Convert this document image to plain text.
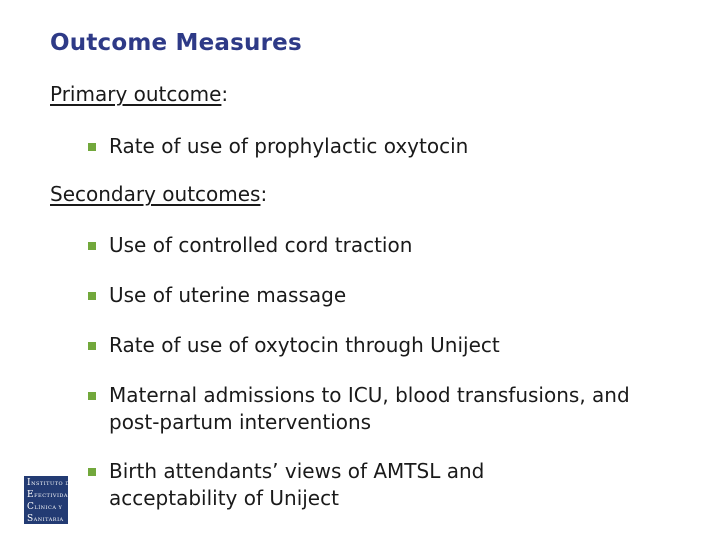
Outcome Measures
Primary outcome:
Rate of use of prophylactic oxytocin
Secondary outcomes:
Use of controlled cord traction
Use of uterine massage
Rate of use of oxytocin through Uniject
Maternal admissions to ICU, blood transfusions, and post-partum interventions
Birth attendants’ views of AMTSL and acceptability of Uniject
INSTITUTO DE
EFECTIVIDAD
CLÍNICA Y
SANITARIA
